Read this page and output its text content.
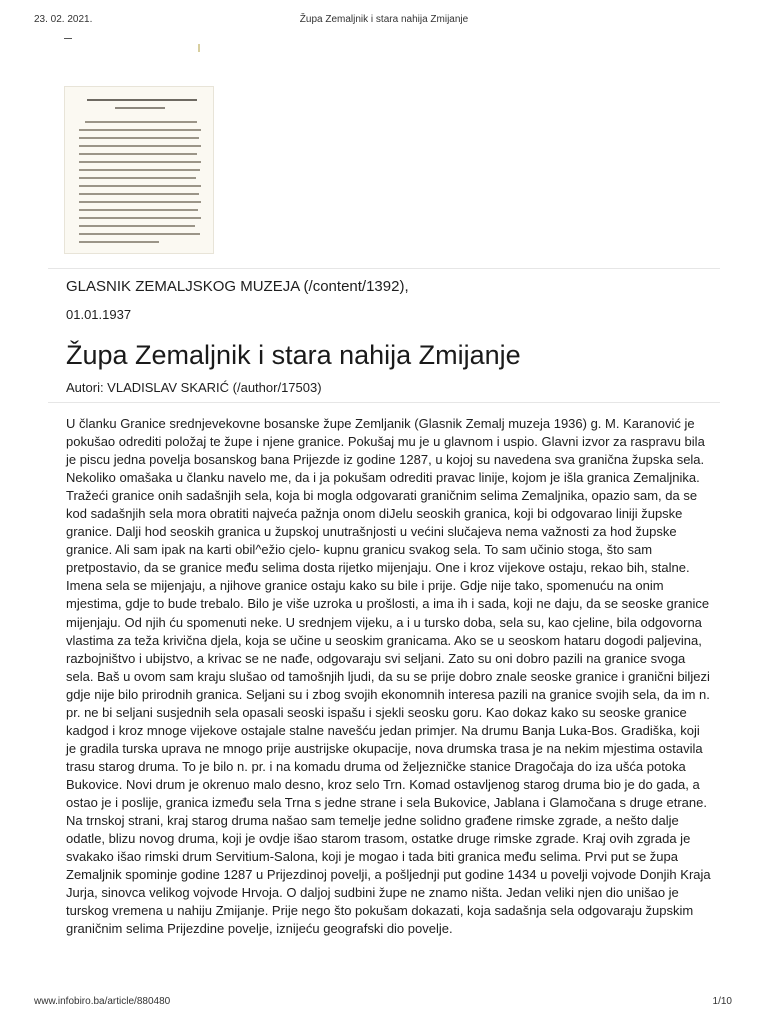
23. 02. 2021.	Župa Zemaljnik i stara nahija Zmijanje
GLASNIK ZEMALJSKOG MUZEJA (/content/1392),
01.01.1937
Župa Zemaljnik i stara nahija Zmijanje
Autori: VLADISLAV SKARIĆ (/author/17503)

U članku Granice srednjevekovne bosanske župe Zemljanik (Glasnik Zemalj muzeja 1936) g. M. Karanović je pokušao odrediti položaj te župe i njene granice. Pokušaj mu je u glavnom i uspio. Glavni izvor za raspravu bila je piscu jedna povelja bosanskog bana Prijezde iz godine 1287, u kojoj su navedena sva granična župska sela. Nekoliko omašaka u članku navelo me, da i ja pokušam odrediti pravac linije, kojom je išla granica Zemaljnika. Tražeći granice onih sadašnjih sela, koja bi mogla odgovarati graničnim selima Zemaljnika, opazio sam, da se kod sadašnjih sela mora obratiti najveća pažnja onom diJelu seoskih granica, koji bi odgovarao liniji župske granice. Dalji hod seoskih granica u župskoj unutrašnjosti u većini slučajeva nema važnosti za hod župske granice. Ali sam ipak na karti obil^ežio cjelo- kupnu granicu svakog sela. To sam učinio stoga, što sam pretpostavio, da se granice među selima dosta rijetko mijenjaju. One i kroz vijekove ostaju, rekao bih, stalne. Imena sela se mijenjaju, a njihove granice ostaju kako su bile i prije. Gdje nije tako, spomenuću na onim mjestima, gdje to bude trebalo. Bilo je više uzroka u prošlosti, a ima ih i sada, koji ne daju, da se seoske granice mijenjaju. Od njih ću spomenuti neke. U srednjem vijeku, a i u tursko doba, sela su, kao cjeline, bila odgovorna vlastima za teža krivična djela, koja se učine u seoskim granicama. Ako se u seoskom hataru dogodi paljevina, razbojništvo i ubijstvo, a krivac se ne nađe, odgovaraju svi seljani. Zato su oni dobro pazili na granice svoga sela. Baš u ovom sam kraju slušao od tamošnjih ljudi, da su se prije dobro znale seoske granice i granični biljezi gdje nije bilo prirodnih granica. Seljani su i zbog svojih ekonomnih interesa pazili na granice svojih sela, da im n. pr. ne bi seljani susjednih sela opasali seoski ispašu i sjekli seosku goru. Kao dokaz kako su seoske granice kadgod i kroz mnoge vijekove ostajale stalne navešću jedan primjer. Na drumu Banja Luka-Bos. Gradiška, koji je gradila turska uprava ne mnogo prije austrijske okupacije, nova drumska trasa je na nekim mjestima ostavila trasu starog druma. To je bilo n. pr. i na komadu druma od željezničke stanice Dragočaja do iza ušća potoka Bukovice. Novi drum je okrenuo malo desno, kroz selo Trn. Komad ostavljenog starog druma bio je do gada, a ostao je i poslije, granica između sela Trna s jedne strane i sela Bukovice, Jablana i Glamočana s druge etrane. Na trnskoj strani, kraj starog druma našao sam temelje jedne solidno građene rimske zgrade, a nešto dalje odatle, blizu novog druma, koji je ovdje išao starom trasom, ostatke druge rimske zgrade. Kraj ovih zgrada je svakako išao rimski drum Servitium-Salona, koji je mogao i tada biti granica među selima. Prvi put se župa Zemaljnik spominje godine 1287 u Prijezdinoj povelji, a pošljednji put godine 1434 u povelji vojvode Donjih Kraja Jurja, sinovca velikog vojvode Hrvoja. O daljoj sudbini župe ne znamo ništa. Jedan veliki njen dio unišao je turskog vremena u nahiju Zmijanje. Prije nego što pokušam dokazati, koja sadašnja sela odgovaraju župskim graničnim selima Prijezdine povelje, iznijeću geografski dio povelje.

www.infobiro.ba/article/880480	1/10
